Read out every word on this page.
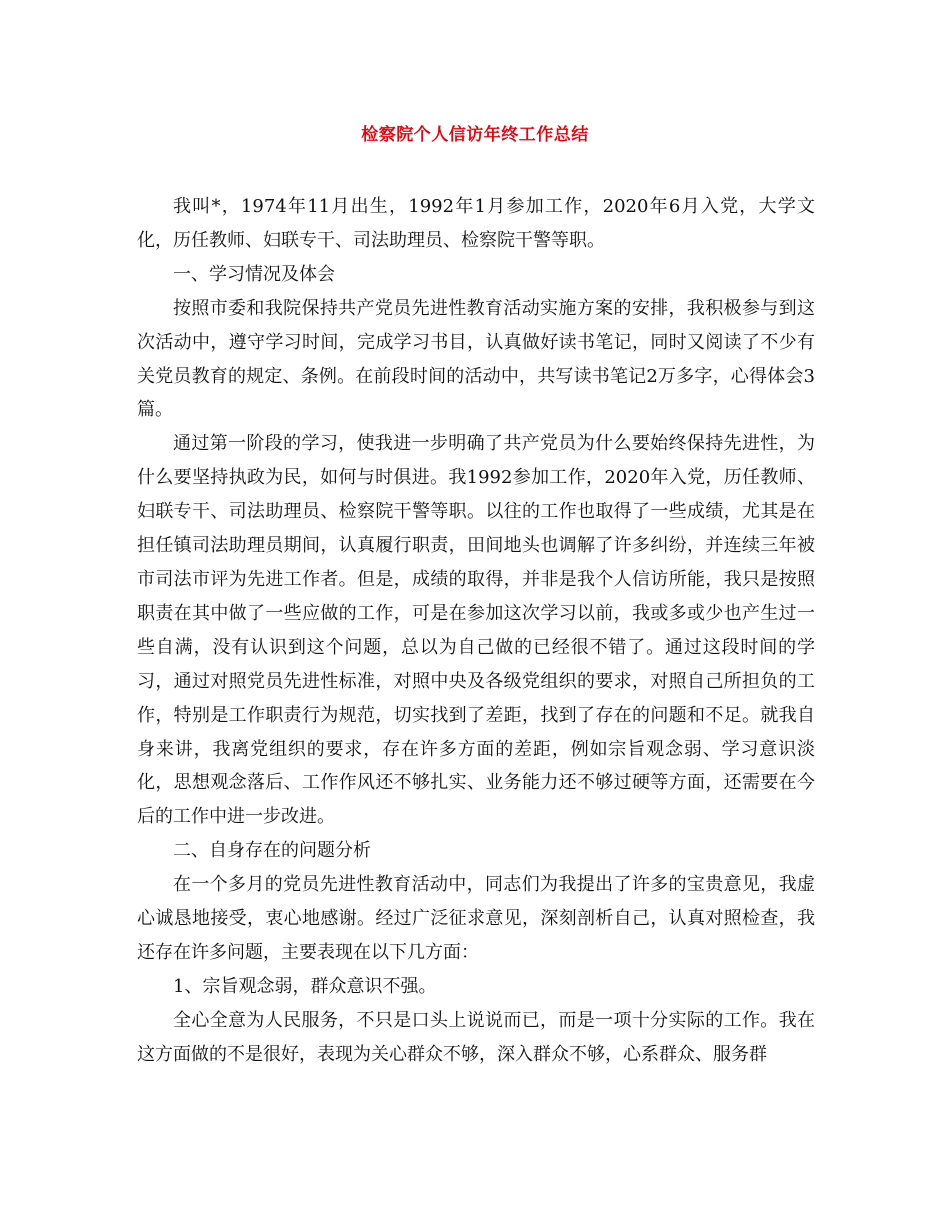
检察院个人信访年终工作总结

我叫*，1974年11月出生，1992年1月参加工作，2020年6月入党，大学文化，历任教师、妇联专干、司法助理员、检察院干警等职。

一、学习情况及体会

按照市委和我院保持共产党员先进性教育活动实施方案的安排，我积极参与到这次活动中，遵守学习时间，完成学习书目，认真做好读书笔记，同时又阅读了不少有关党员教育的规定、条例。在前段时间的活动中，共写读书笔记2万多字，心得体会3篇。

通过第一阶段的学习，使我进一步明确了共产党员为什么要始终保持先进性，为什么要坚持执政为民，如何与时俱进。我1992参加工作，2020年入党，历任教师、妇联专干、司法助理员、检察院干警等职。以往的工作也取得了一些成绩，尤其是在担任镇司法助理员期间，认真履行职责，田间地头也调解了许多纠纷，并连续三年被市司法市评为先进工作者。但是，成绩的取得，并非是我个人信访所能，我只是按照职责在其中做了一些应做的工作，可是在参加这次学习以前，我或多或少也产生过一些自满，没有认识到这个问题，总以为自己做的已经很不错了。通过这段时间的学习，通过对照党员先进性标准，对照中央及各级党组织的要求，对照自己所担负的工作，特别是工作职责行为规范，切实找到了差距，找到了存在的问题和不足。就我自身来讲，我离党组织的要求，存在许多方面的差距，例如宗旨观念弱、学习意识淡化，思想观念落后、工作作风还不够扎实、业务能力还不够过硬等方面，还需要在今后的工作中进一步改进。

二、自身存在的问题分析

在一个多月的党员先进性教育活动中，同志们为我提出了许多的宝贵意见，我虚心诚恳地接受，衷心地感谢。经过广泛征求意见，深刻剖析自己，认真对照检查，我还存在许多问题，主要表现在以下几方面：

1、宗旨观念弱，群众意识不强。

全心全意为人民服务，不只是口头上说说而已，而是一项十分实际的工作。我在这方面做的不是很好，表现为关心群众不够，深入群众不够，心系群众、服务群
